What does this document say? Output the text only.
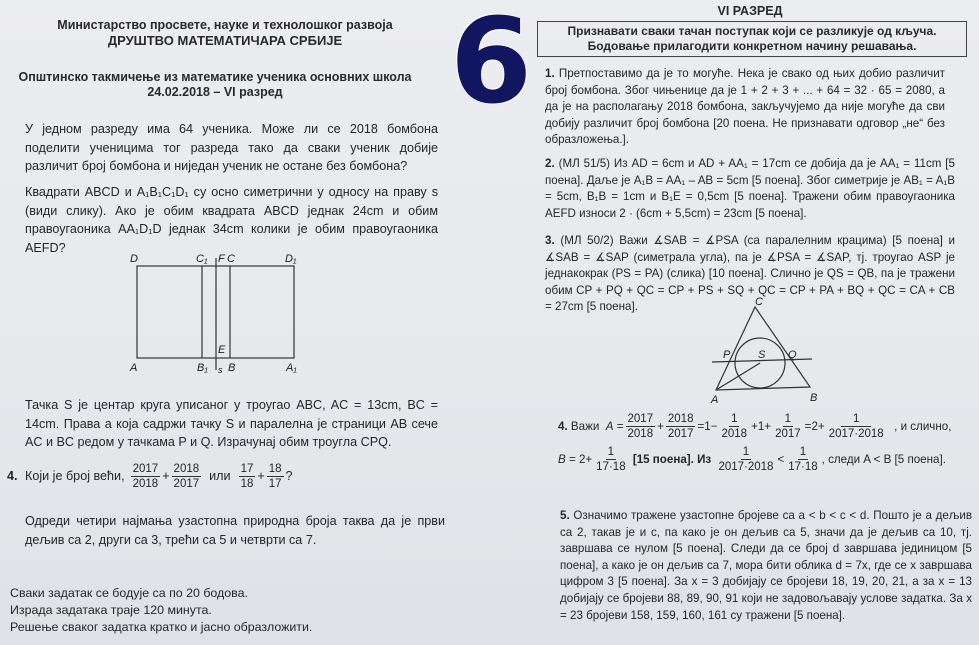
Министарство просвете, науке и технолошког развоја
ДРУШТВО МАТЕМАТИЧАРА СРБИЈЕ
Општинско такмичење из математике ученика основних школа
24.02.2018 – VI разред
У једном разреду има 64 ученика. Може ли се 2018 бомбона поделити ученицима тог разреда тако да сваки ученик добије различит број бомбона и ниједан ученик не остане без бомбона?
Квадрати ABCD и A₁B₁C₁D₁ су осно симетрични у односу на праву s (види слику). Ако је обим квадрата ABCD једнак 24cm и обим правоугаоника AA₁D₁D једнак 34cm колики је обим правоугаоника AEFD?
D	C₁ F C	D₁
A	B₁
E
B	A₁
s
Тачка S је центар круга уписаног у троугао ABC, AC = 13cm, BC = 14cm. Права a која садржи тачку S и паралелна је страници AB сече AC и BC редом у тачкама P и Q. Израчунај обим троугла CPQ.
4. Који је број већи, $\frac{2017}{2018} + \frac{2018}{2017}$ или $\frac{17}{18} + \frac{18}{17}$ ?
Одреди четири најмања узастопна природна броја таква да је први дељив са 2, други са 3, трећи са 5 и четврти са 7.
Сваки задатак се бодује са по 20 бодова.
Израда задатака траје 120 минута.
Решење сваког задатка кратко и јасно образложити.
6	VI РАЗРЕД
Признавати сваки тачан поступак који се разликује од кључа.
Бодовање прилагодити конкретном начину решавања.
1. Претпоставимо да је то могуће. Нека је свако од њих добио различит број бомбона. Због чињенице да је 1 + 2 + 3 + ... + 64 = 32 · 65 = 2080, а да је на располагању 2018 бомбона, закључујемо да није могуће да сви добију различит број бомбона [20 поена. Не признавати одговор „не“ без образложења.].
2. (МЛ 51/5) Из AD = 6cm и AD + AA₁ = 17cm се добија да је AA₁ = 11cm [5 поена]. Даље је A₁B = AA₁ – AB = 5cm [5 поена]. Због симетрије је AB₁ = A₁B = 5cm, B₁B = 1cm и B₁E = 0,5cm [5 поена]. Тражени обим правоугаоника AEFD износи 2 · (6cm + 5,5cm) = 23cm [5 поена].
3. (МЛ 50/2) Важи ∡SAB = ∡PSA (са паралелним крацима) [5 поена] и ∡SAB = ∡SAP (симетрала угла), па је ∡PSA = ∡SAP, тј. троугао ASP је једнакокрак (PS = PA) (слика) [10 поена]. Слично је QS = QB, па је тражени обим CP + PQ + QC = CP + PS + SQ + QC = CP + PA + BQ + QC = CA + CB = 27cm [5 поена].	C
P	S Q
A	B
4.
Важи
$A = \frac{2017}{2018} + \frac{2018}{2017} =1- \frac{1}{2018} +1+ \frac{1}{2017} =2+ \frac{1}{2017\cdot 2018}$
, и слично,
$B = 2+ \frac{1}{17\cdot 18}$
[15 поена]. Из
$\frac{1}{2017\cdot 2018} < \frac{1}{17\cdot 18}$ , следи A < B [5 поена].
5. Означимо тражене узастопне бројеве са a < b < c < d. Пошто је a дељив са 2, такав је и c, па како је он дељив са 5, значи да је дељив са 10, тј. завршава се нулом [5 поена]. Следи да се број d завршава јединицом [5 поена], а како је он дељив са 7, мора бити облика d = 7x, где се x завршава цифром 3 [5 поена]. За x = 3 добијају се бројеви 18, 19, 20, 21, а за x = 13 добијају се бројеви 88, 89, 90, 91 који не задовољавају услове задатка. За x = 23 бројеви 158, 159, 160, 161 су тражени [5 поена].
